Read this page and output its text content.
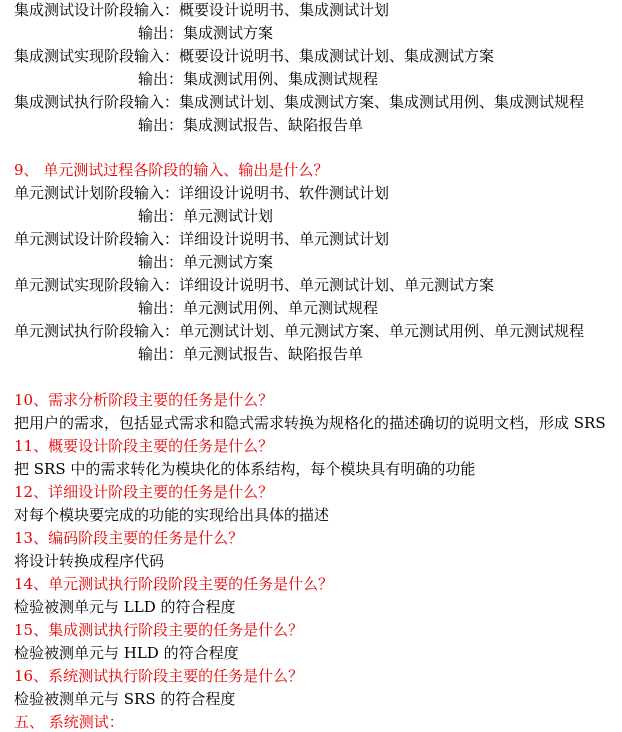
集成测试设计阶段输入：概要设计说明书、集成测试计划
输出：集成测试方案
集成测试实现阶段输入：概要设计说明书、集成测试计划、集成测试方案
输出：集成测试用例、集成测试规程
集成测试执行阶段输入：集成测试计划、集成测试方案、集成测试用例、集成测试规程
输出：集成测试报告、缺陷报告单
9、 单元测试过程各阶段的输入、输出是什么？
单元测试计划阶段输入：详细设计说明书、软件测试计划
输出：单元测试计划
单元测试设计阶段输入：详细设计说明书、单元测试计划
输出：单元测试方案
单元测试实现阶段输入：详细设计说明书、单元测试计划、单元测试方案
输出：单元测试用例、单元测试规程
单元测试执行阶段输入：单元测试计划、单元测试方案、单元测试用例、单元测试规程
输出：单元测试报告、缺陷报告单
10、需求分析阶段主要的任务是什么？
把用户的需求，包括显式需求和隐式需求转换为规格化的描述确切的说明文档，形成 SRS
11、概要设计阶段主要的任务是什么？
把 SRS 中的需求转化为模块化的体系结构，每个模块具有明确的功能
12、详细设计阶段主要的任务是什么？
对每个模块要完成的功能的实现给出具体的描述
13、编码阶段主要的任务是什么？
将设计转换成程序代码
14、单元测试执行阶段阶段主要的任务是什么？
检验被测单元与 LLD 的符合程度
15、集成测试执行阶段主要的任务是什么？
检验被测单元与 HLD 的符合程度
16、系统测试执行阶段主要的任务是什么？
检验被测单元与 SRS 的符合程度
五、 系统测试：
